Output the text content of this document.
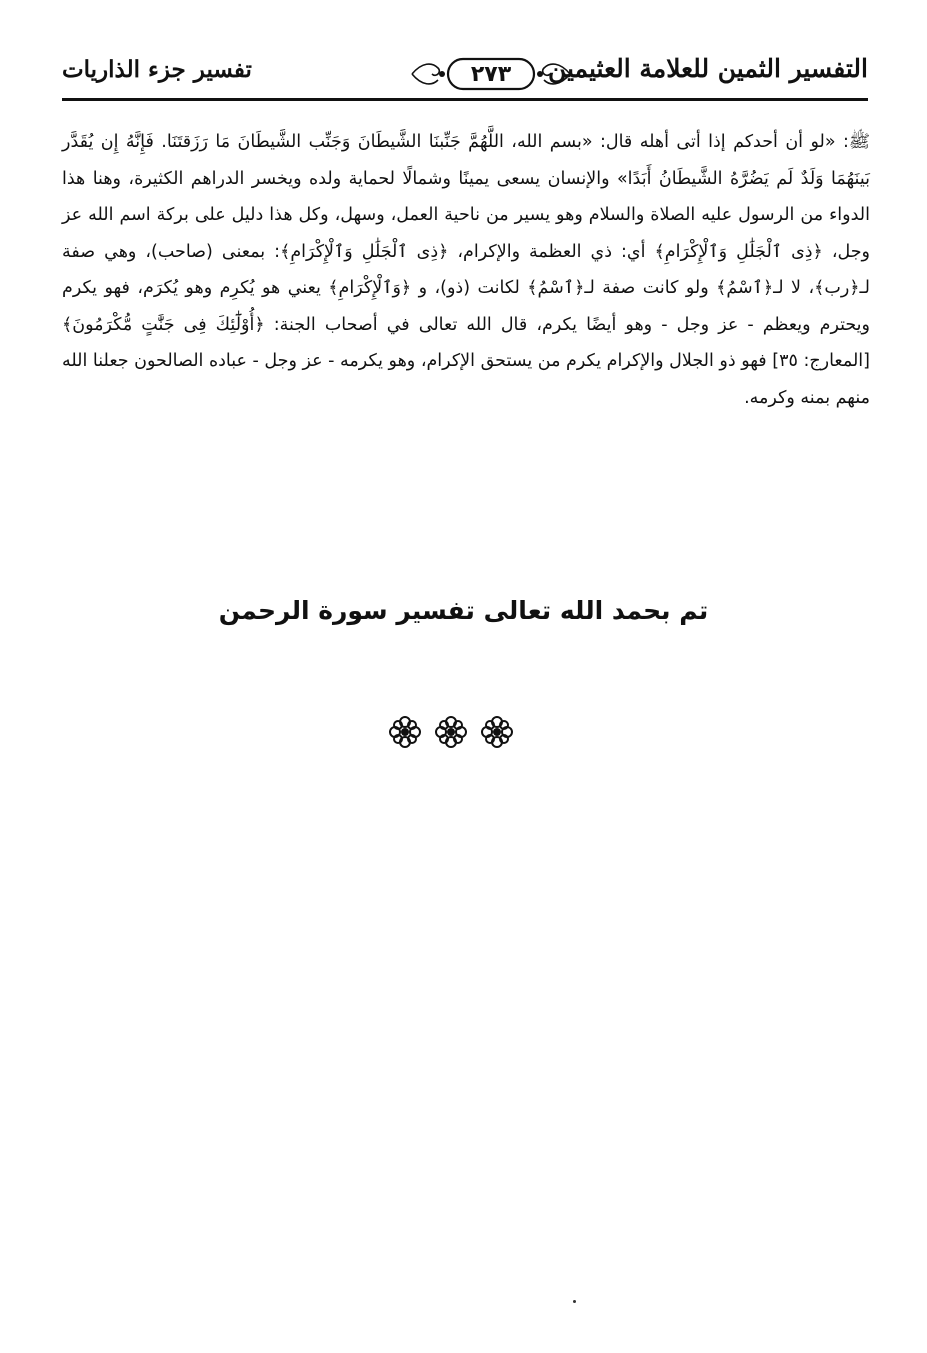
التفسير الثمين للعلامة العثيمين
٢٧٣
تفسير جزء الذاريات

ﷺ: «لو أن أحدكم إذا أتى أهله قال: «بسم الله، اللَّهُمَّ جَنِّبنَا الشَّيطَانَ وَجَنِّب الشَّيطَانَ مَا رَزَقتَنَا. فَإِنَّهُ إِن يُقَدَّر بَينَهُمَا وَلَدٌ لَم يَضُرَّهُ الشَّيطَانُ أَبَدًا» والإنسان يسعى يمينًا وشمالًا لحماية ولده ويخسر الدراهم الكثيرة، وهنا هذا الدواء من الرسول عليه الصلاة والسلام وهو يسير من ناحية العمل، وسهل، وكل هذا دليل على بركة اسم الله عز وجل، ﴿ذِى ٱلْجَلَٰلِ وَٱلْإِكْرَامِ﴾ أي: ذي العظمة والإكرام، ﴿ذِى ٱلْجَلَٰلِ وَٱلْإِكْرَامِ﴾: بمعنى (صاحب)، وهي صفة لـ﴿رب﴾، لا لـ﴿ٱسْمُ﴾ ولو كانت صفة لـ﴿ٱسْمُ﴾ لكانت (ذو)، و ﴿وَٱلْإِكْرَامِ﴾ يعني هو يُكرِم وهو يُكرَم، فهو يكرم ويحترم ويعظم - عز وجل - وهو أيضًا يكرم، قال الله تعالى في أصحاب الجنة: ﴿أُوْلَٰٓئِكَ فِى جَنَّٰتٍ مُّكْرَمُونَ﴾ [المعارج: ٣٥] فهو ذو الجلال والإكرام يكرم من يستحق الإكرام، وهو يكرمه - عز وجل - عباده الصالحون جعلنا الله منهم بمنه وكرمه.

تم بحمد الله تعالى تفسير سورة الرحمن
